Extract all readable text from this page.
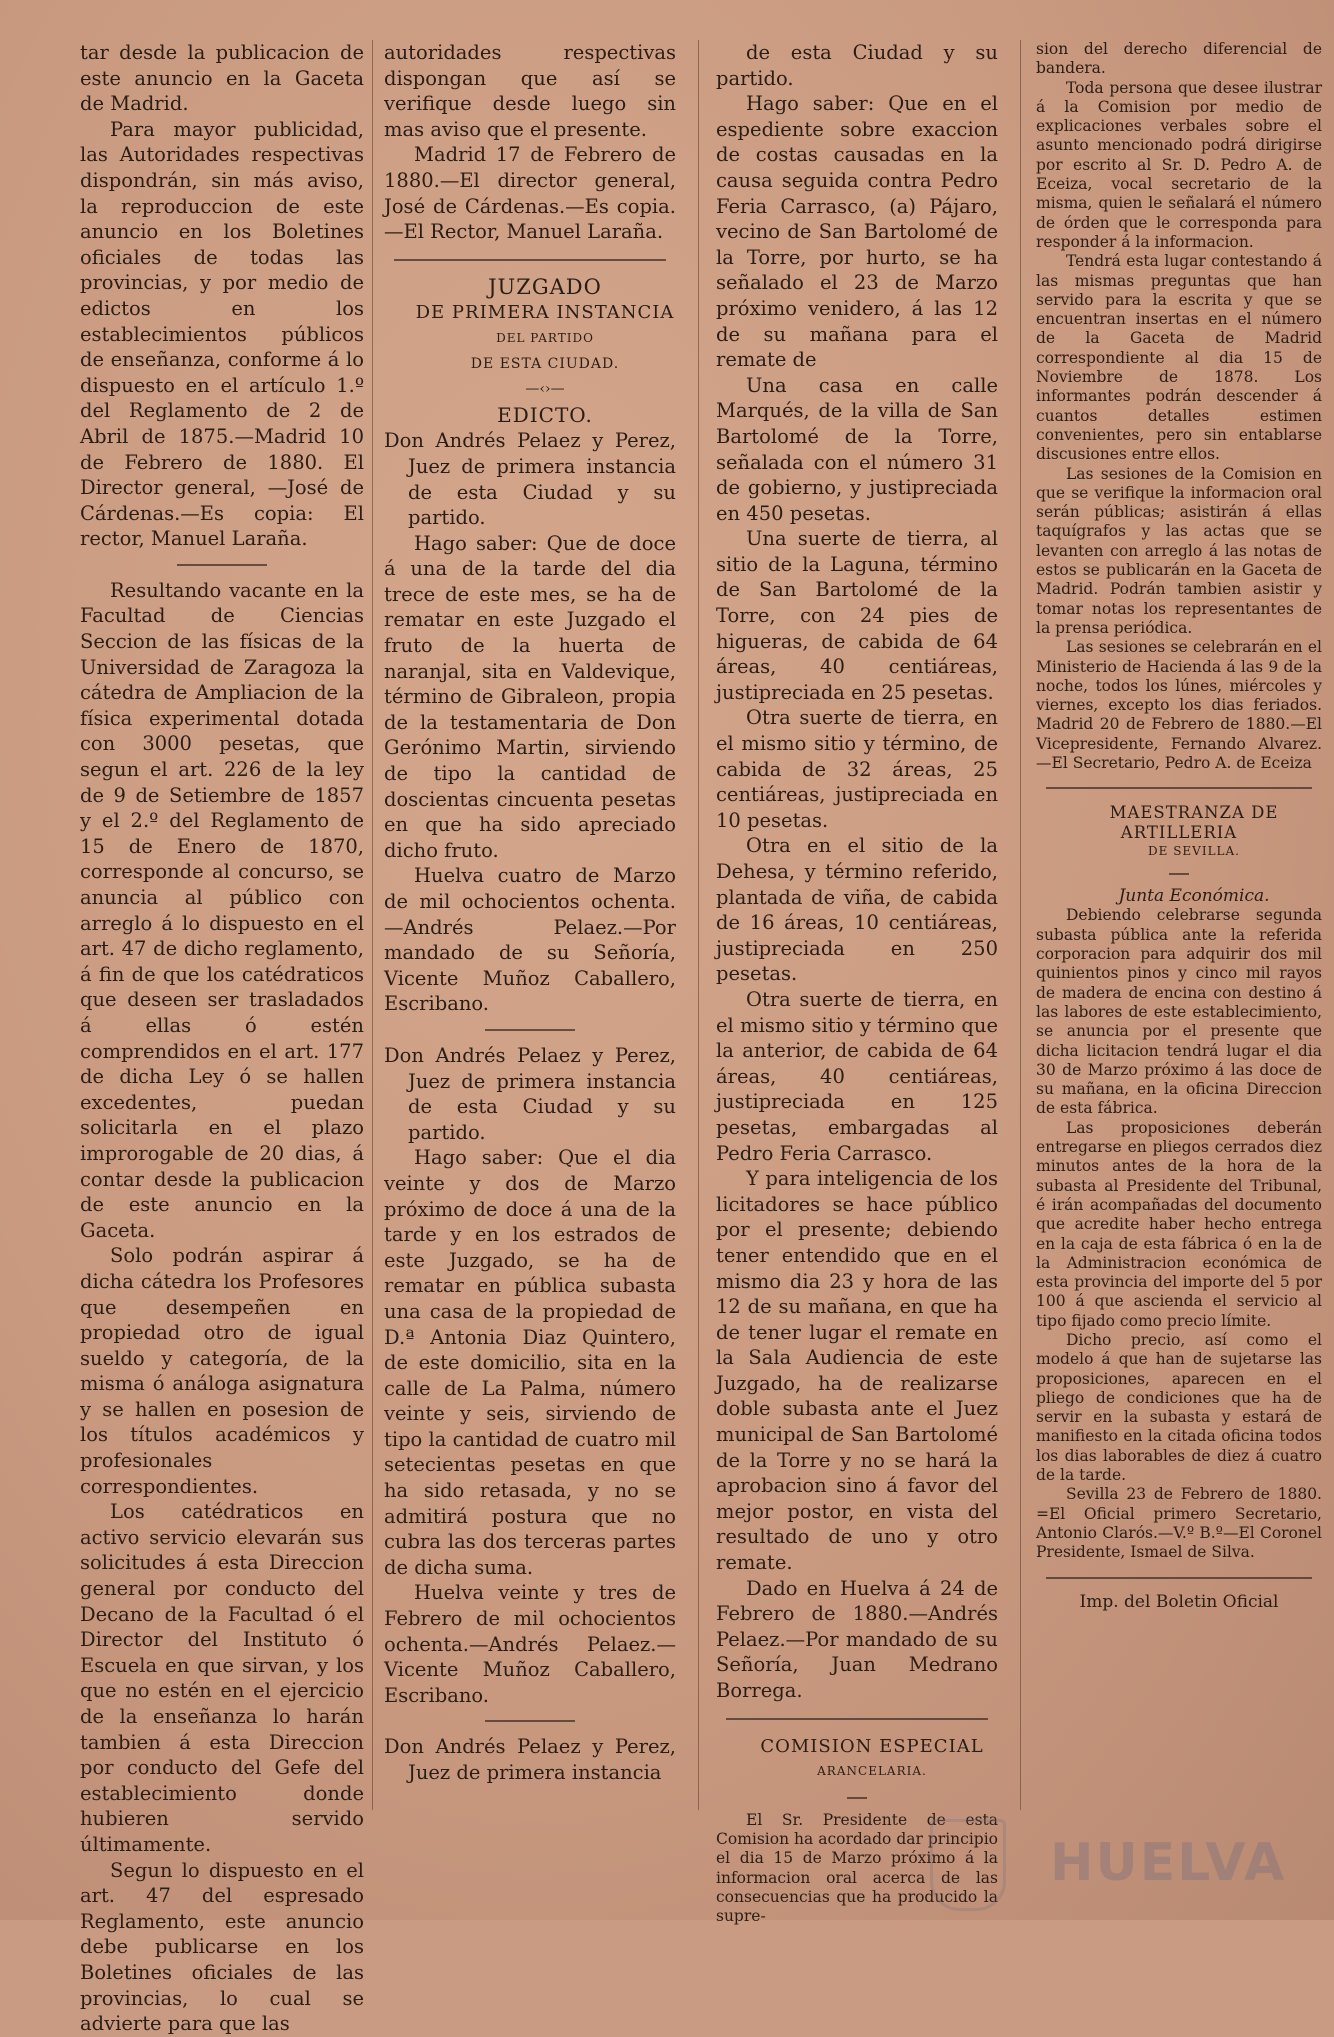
tar desde la publicacion de este anuncio en la Gaceta de Madrid.

Para mayor publicidad, las Autoridades respectivas dispondrán, sin más aviso, la reproduccion de este anuncio en los Boletines oficiales de todas las provincias, y por medio de edictos en los establecimientos públicos de enseñanza, conforme á lo dispuesto en el artículo 1.º del Reglamento de 2 de Abril de 1875.—Madrid 10 de Febrero de 1880. El Director general, —José de Cárdenas.—Es copia: El rector, Manuel Laraña.

Resultando vacante en la Facultad de Ciencias Seccion de las físicas de la Universidad de Zaragoza la cátedra de Ampliacion de la física experimental dotada con 3000 pesetas, que segun el art. 226 de la ley de 9 de Setiembre de 1857 y el 2.º del Reglamento de 15 de Enero de 1870, corresponde al concurso, se anuncia al público con arreglo á lo dispuesto en el art. 47 de dicho reglamento, á fin de que los catédraticos que deseen ser trasladados á ellas ó estén comprendidos en el art. 177 de dicha Ley ó se hallen excedentes, puedan solicitarla en el plazo improrogable de 20 dias, á contar desde la publicacion de este anuncio en la Gaceta.

Solo podrán aspirar á dicha cátedra los Profesores que desempeñen en propiedad otro de igual sueldo y categoría, de la misma ó análoga asignatura y se hallen en posesion de los títulos académicos y profesionales correspondientes.

Los catédraticos en activo servicio elevarán sus solicitudes á esta Direccion general por conducto del Decano de la Facultad ó el Director del Instituto ó Escuela en que sirvan, y los que no estén en el ejercicio de la enseñanza lo harán tambien á esta Direccion por conducto del Gefe del establecimiento donde hubieren servido últimamente.

Segun lo dispuesto en el art. 47 del espresado Reglamento, este anuncio debe publicarse en los Boletines oficiales de las provincias, lo cual se advierte para que las

autoridades respectivas dispongan que así se verifique desde luego sin mas aviso que el presente.

Madrid 17 de Febrero de 1880.—El director general, José de Cárdenas.—Es copia.—El Rector, Manuel Laraña.

JUZGADO

DE PRIMERA INSTANCIA

DEL PARTIDO

DE ESTA CIUDAD.

—‹›—

EDICTO.

Don Andrés Pelaez y Perez, Juez de primera instancia de esta Ciudad y su partido.

Hago saber: Que de doce á una de la tarde del dia trece de este mes, se ha de rematar en este Juzgado el fruto de la huerta de naranjal, sita en Valdevique, término de Gibraleon, propia de la testamentaria de Don Gerónimo Martin, sirviendo de tipo la cantidad de doscientas cincuenta pesetas en que ha sido apreciado dicho fruto.

Huelva cuatro de Marzo de mil ochocientos ochenta. —Andrés Pelaez.—Por mandado de su Señoría, Vicente Muñoz Caballero, Escribano.

Don Andrés Pelaez y Perez, Juez de primera instancia de esta Ciudad y su partido.

Hago saber: Que el dia veinte y dos de Marzo próximo de doce á una de la tarde y en los estrados de este Juzgado, se ha de rematar en pública subasta una casa de la propiedad de D.ª Antonia Diaz Quintero, de este domicilio, sita en la calle de La Palma, número veinte y seis, sirviendo de tipo la cantidad de cuatro mil setecientas pesetas en que ha sido retasada, y no se admitirá postura que no cubra las dos terceras partes de dicha suma.

Huelva veinte y tres de Febrero de mil ochocientos ochenta.—Andrés Pelaez.—Vicente Muñoz Caballero, Escribano.

Don Andrés Pelaez y Perez, Juez de primera instancia

de esta Ciudad y su partido.

Hago saber: Que en el espediente sobre exaccion de costas causadas en la causa seguida contra Pedro Feria Carrasco, (a) Pájaro, vecino de San Bartolomé de la Torre, por hurto, se ha señalado el 23 de Marzo próximo venidero, á las 12 de su mañana para el remate de

Una casa en calle Marqués, de la villa de San Bartolomé de la Torre, señalada con el número 31 de gobierno, y justipreciada en 450 pesetas.

Una suerte de tierra, al sitio de la Laguna, término de San Bartolomé de la Torre, con 24 pies de higueras, de cabida de 64 áreas, 40 centiáreas, justipreciada en 25 pesetas.

Otra suerte de tierra, en el mismo sitio y término, de cabida de 32 áreas, 25 centiáreas, justipreciada en 10 pesetas.

Otra en el sitio de la Dehesa, y término referido, plantada de viña, de cabida de 16 áreas, 10 centiáreas, justipreciada en 250 pesetas.

Otra suerte de tierra, en el mismo sitio y término que la anterior, de cabida de 64 áreas, 40 centiáreas, justipreciada en 125 pesetas, embargadas al Pedro Feria Carrasco.

Y para inteligencia de los licitadores se hace público por el presente; debiendo tener entendido que en el mismo dia 23 y hora de las 12 de su mañana, en que ha de tener lugar el remate en la Sala Audiencia de este Juzgado, ha de realizarse doble subasta ante el Juez municipal de San Bartolomé de la Torre y no se hará la aprobacion sino á favor del mejor postor, en vista del resultado de uno y otro remate.

Dado en Huelva á 24 de Febrero de 1880.—Andrés Pelaez.—Por mandado de su Señoría, Juan Medrano Borrega.

COMISION ESPECIAL

ARANCELARIA.

El Sr. Presidente de esta Comision ha acordado dar principio el dia 15 de Marzo próximo á la informacion oral acerca de las consecuencias que ha producido la supre-

sion del derecho diferencial de bandera.

Toda persona que desee ilustrar á la Comision por medio de explicaciones verbales sobre el asunto mencionado podrá dirigirse por escrito al Sr. D. Pedro A. de Eceiza, vocal secretario de la misma, quien le señalará el número de órden que le corresponda para responder á la informacion.

Tendrá esta lugar contestando á las mismas preguntas que han servido para la escrita y que se encuentran insertas en el número de la Gaceta de Madrid correspondiente al dia 15 de Noviembre de 1878. Los informantes podrán descender á cuantos detalles estimen convenientes, pero sin entablarse discusiones entre ellos.

Las sesiones de la Comision en que se verifique la informacion oral serán públicas; asistirán á ellas taquígrafos y las actas que se levanten con arreglo á las notas de estos se publicarán en la Gaceta de Madrid. Podrán tambien asistir y tomar notas los representantes de la prensa periódica.

Las sesiones se celebrarán en el Ministerio de Hacienda á las 9 de la noche, todos los lúnes, miércoles y viernes, excepto los dias feriados. Madrid 20 de Febrero de 1880.—El Vicepresidente, Fernando Alvarez.—El Secretario, Pedro A. de Eceiza

MAESTRANZA DE ARTILLERIA

DE SEVILLA.

Junta Económica.

Debiendo celebrarse segunda subasta pública ante la referida corporacion para adquirir dos mil quinientos pinos y cinco mil rayos de madera de encina con destino á las labores de este establecimiento, se anuncia por el presente que dicha licitacion tendrá lugar el dia 30 de Marzo próximo á las doce de su mañana, en la oficina Direccion de esta fábrica.

Las proposiciones deberán entregarse en pliegos cerrados diez minutos antes de la hora de la subasta al Presidente del Tribunal, é irán acompañadas del documento que acredite haber hecho entrega en la caja de esta fábrica ó en la de la Administracion económica de esta provincia del importe del 5 por 100 á que ascienda el servicio al tipo fijado como precio límite.

Dicho precio, así como el modelo á que han de sujetarse las proposiciones, aparecen en el pliego de condiciones que ha de servir en la subasta y estará de manifiesto en la citada oficina todos los dias laborables de diez á cuatro de la tarde.

Sevilla 23 de Febrero de 1880. =El Oficial primero Secretario, Antonio Clarós.—V.º B.º—El Coronel Presidente, Ismael de Silva.

Imp. del Boletin Oficial

HUELVA
